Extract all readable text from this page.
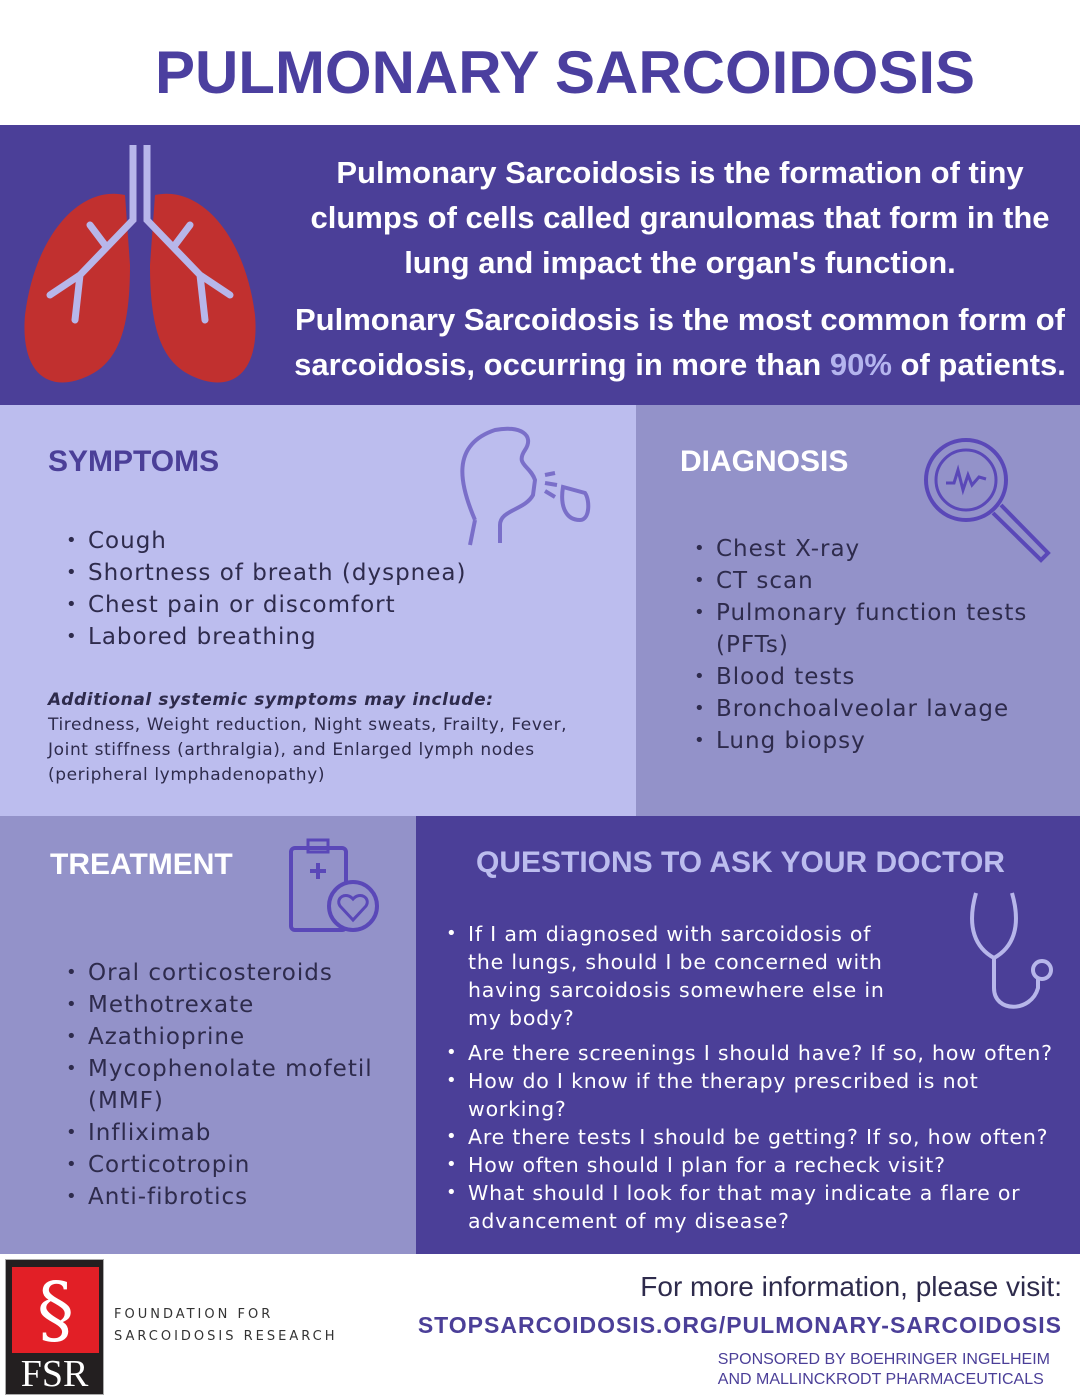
PULMONARY SARCOIDOSIS
Pulmonary Sarcoidosis is the formation of tiny clumps of cells called granulomas that form in the lung and impact the organ's function.
Pulmonary Sarcoidosis is the most common form of sarcoidosis, occurring in more than 90% of patients.
SYMPTOMS
• Cough
• Shortness of breath (dyspnea)
• Chest pain or discomfort
• Labored breathing
Additional systemic symptoms may include:
Tiredness, Weight reduction, Night sweats, Frailty, Fever, Joint stiffness (arthralgia), and Enlarged lymph nodes (peripheral lymphadenopathy)
DIAGNOSIS
• Chest X-ray
• CT scan
• Pulmonary function tests (PFTs)
• Blood tests
• Bronchoalveolar lavage
• Lung biopsy
TREATMENT
• Oral corticosteroids
• Methotrexate
• Azathioprine
• Mycophenolate mofetil (MMF)
• Infliximab
• Corticotropin
• Anti-fibrotics
QUESTIONS TO ASK YOUR DOCTOR
• If I am diagnosed with sarcoidosis of the lungs, should I be concerned with having sarcoidosis somewhere else in my body?
• Are there screenings I should have? If so, how often?
• How do I know if the therapy prescribed is not working?
• Are there tests I should be getting? If so, how often?
• How often should I plan for a recheck visit?
• What should I look for that may indicate a flare or advancement of my disease?
§
FSR
FOUNDATION FOR
SARCOIDOSIS RESEARCH
For more information, please visit:
STOPSARCOIDOSIS.ORG/PULMONARY-SARCOIDOSIS
SPONSORED BY BOEHRINGER INGELHEIM
AND MALLINCKRODT PHARMACEUTICALS
